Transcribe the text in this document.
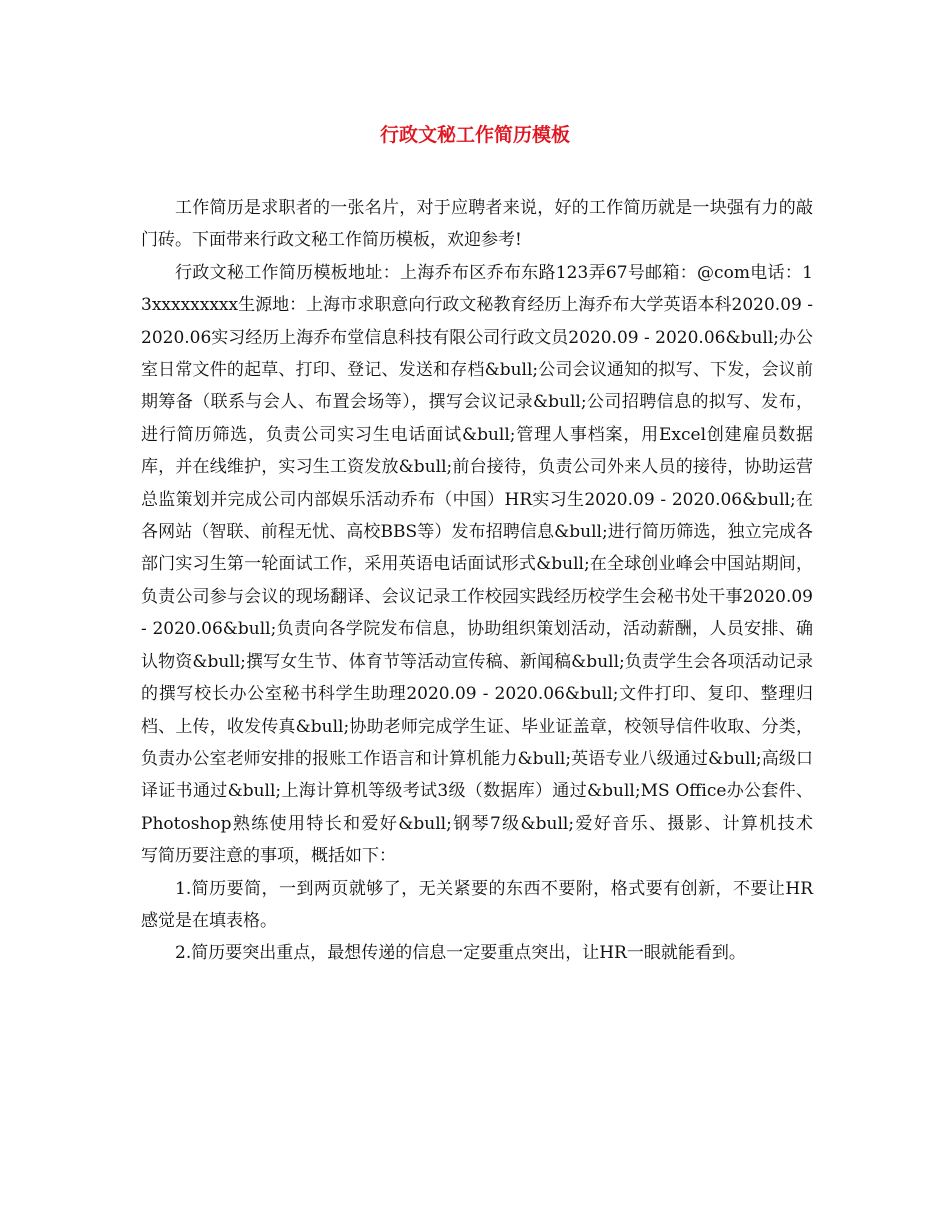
行政文秘工作简历模板

工作简历是求职者的一张名片，对于应聘者来说，好的工作简历就是一块强有力的敲门砖。下面带来行政文秘工作简历模板，欢迎参考!

行政文秘工作简历模板地址：上海乔布区乔布东路123弄67号邮箱：@com电话：13xxxxxxxxx生源地：上海市求职意向行政文秘教育经历上海乔布大学英语本科2020.09 - 2020.06实习经历上海乔布堂信息科技有限公司行政文员2020.09 - 2020.06&bull;办公室日常文件的起草、打印、登记、发送和存档&bull;公司会议通知的拟写、下发，会议前期筹备（联系与会人、布置会场等），撰写会议记录&bull;公司招聘信息的拟写、发布，进行简历筛选，负责公司实习生电话面试&bull;管理人事档案，用Excel创建雇员数据库，并在线维护，实习生工资发放&bull;前台接待，负责公司外来人员的接待，协助运营总监策划并完成公司内部娱乐活动乔布（中国）HR实习生2020.09 - 2020.06&bull;在各网站（智联、前程无忧、高校BBS等）发布招聘信息&bull;进行简历筛选，独立完成各部门实习生第一轮面试工作，采用英语电话面试形式&bull;在全球创业峰会中国站期间，负责公司参与会议的现场翻译、会议记录工作校园实践经历校学生会秘书处干事2020.09 - 2020.06&bull;负责向各学院发布信息，协助组织策划活动，活动薪酬，人员安排、确认物资&bull;撰写女生节、体育节等活动宣传稿、新闻稿&bull;负责学生会各项活动记录的撰写校长办公室秘书科学生助理2020.09 - 2020.06&bull;文件打印、复印、整理归档、上传，收发传真&bull;协助老师完成学生证、毕业证盖章，校领导信件收取、分类，负责办公室老师安排的报账工作语言和计算机能力&bull;英语专业八级通过&bull;高级口译证书通过&bull;上海计算机等级考试3级（数据库）通过&bull;MS Office办公套件、Photoshop熟练使用特长和爱好&bull;钢琴7级&bull;爱好音乐、摄影、计算机技术　　写简历要注意的事项，概括如下：

1.简历要简，一到两页就够了，无关紧要的东西不要附，格式要有创新，不要让HR感觉是在填表格。

2.简历要突出重点，最想传递的信息一定要重点突出，让HR一眼就能看到。
